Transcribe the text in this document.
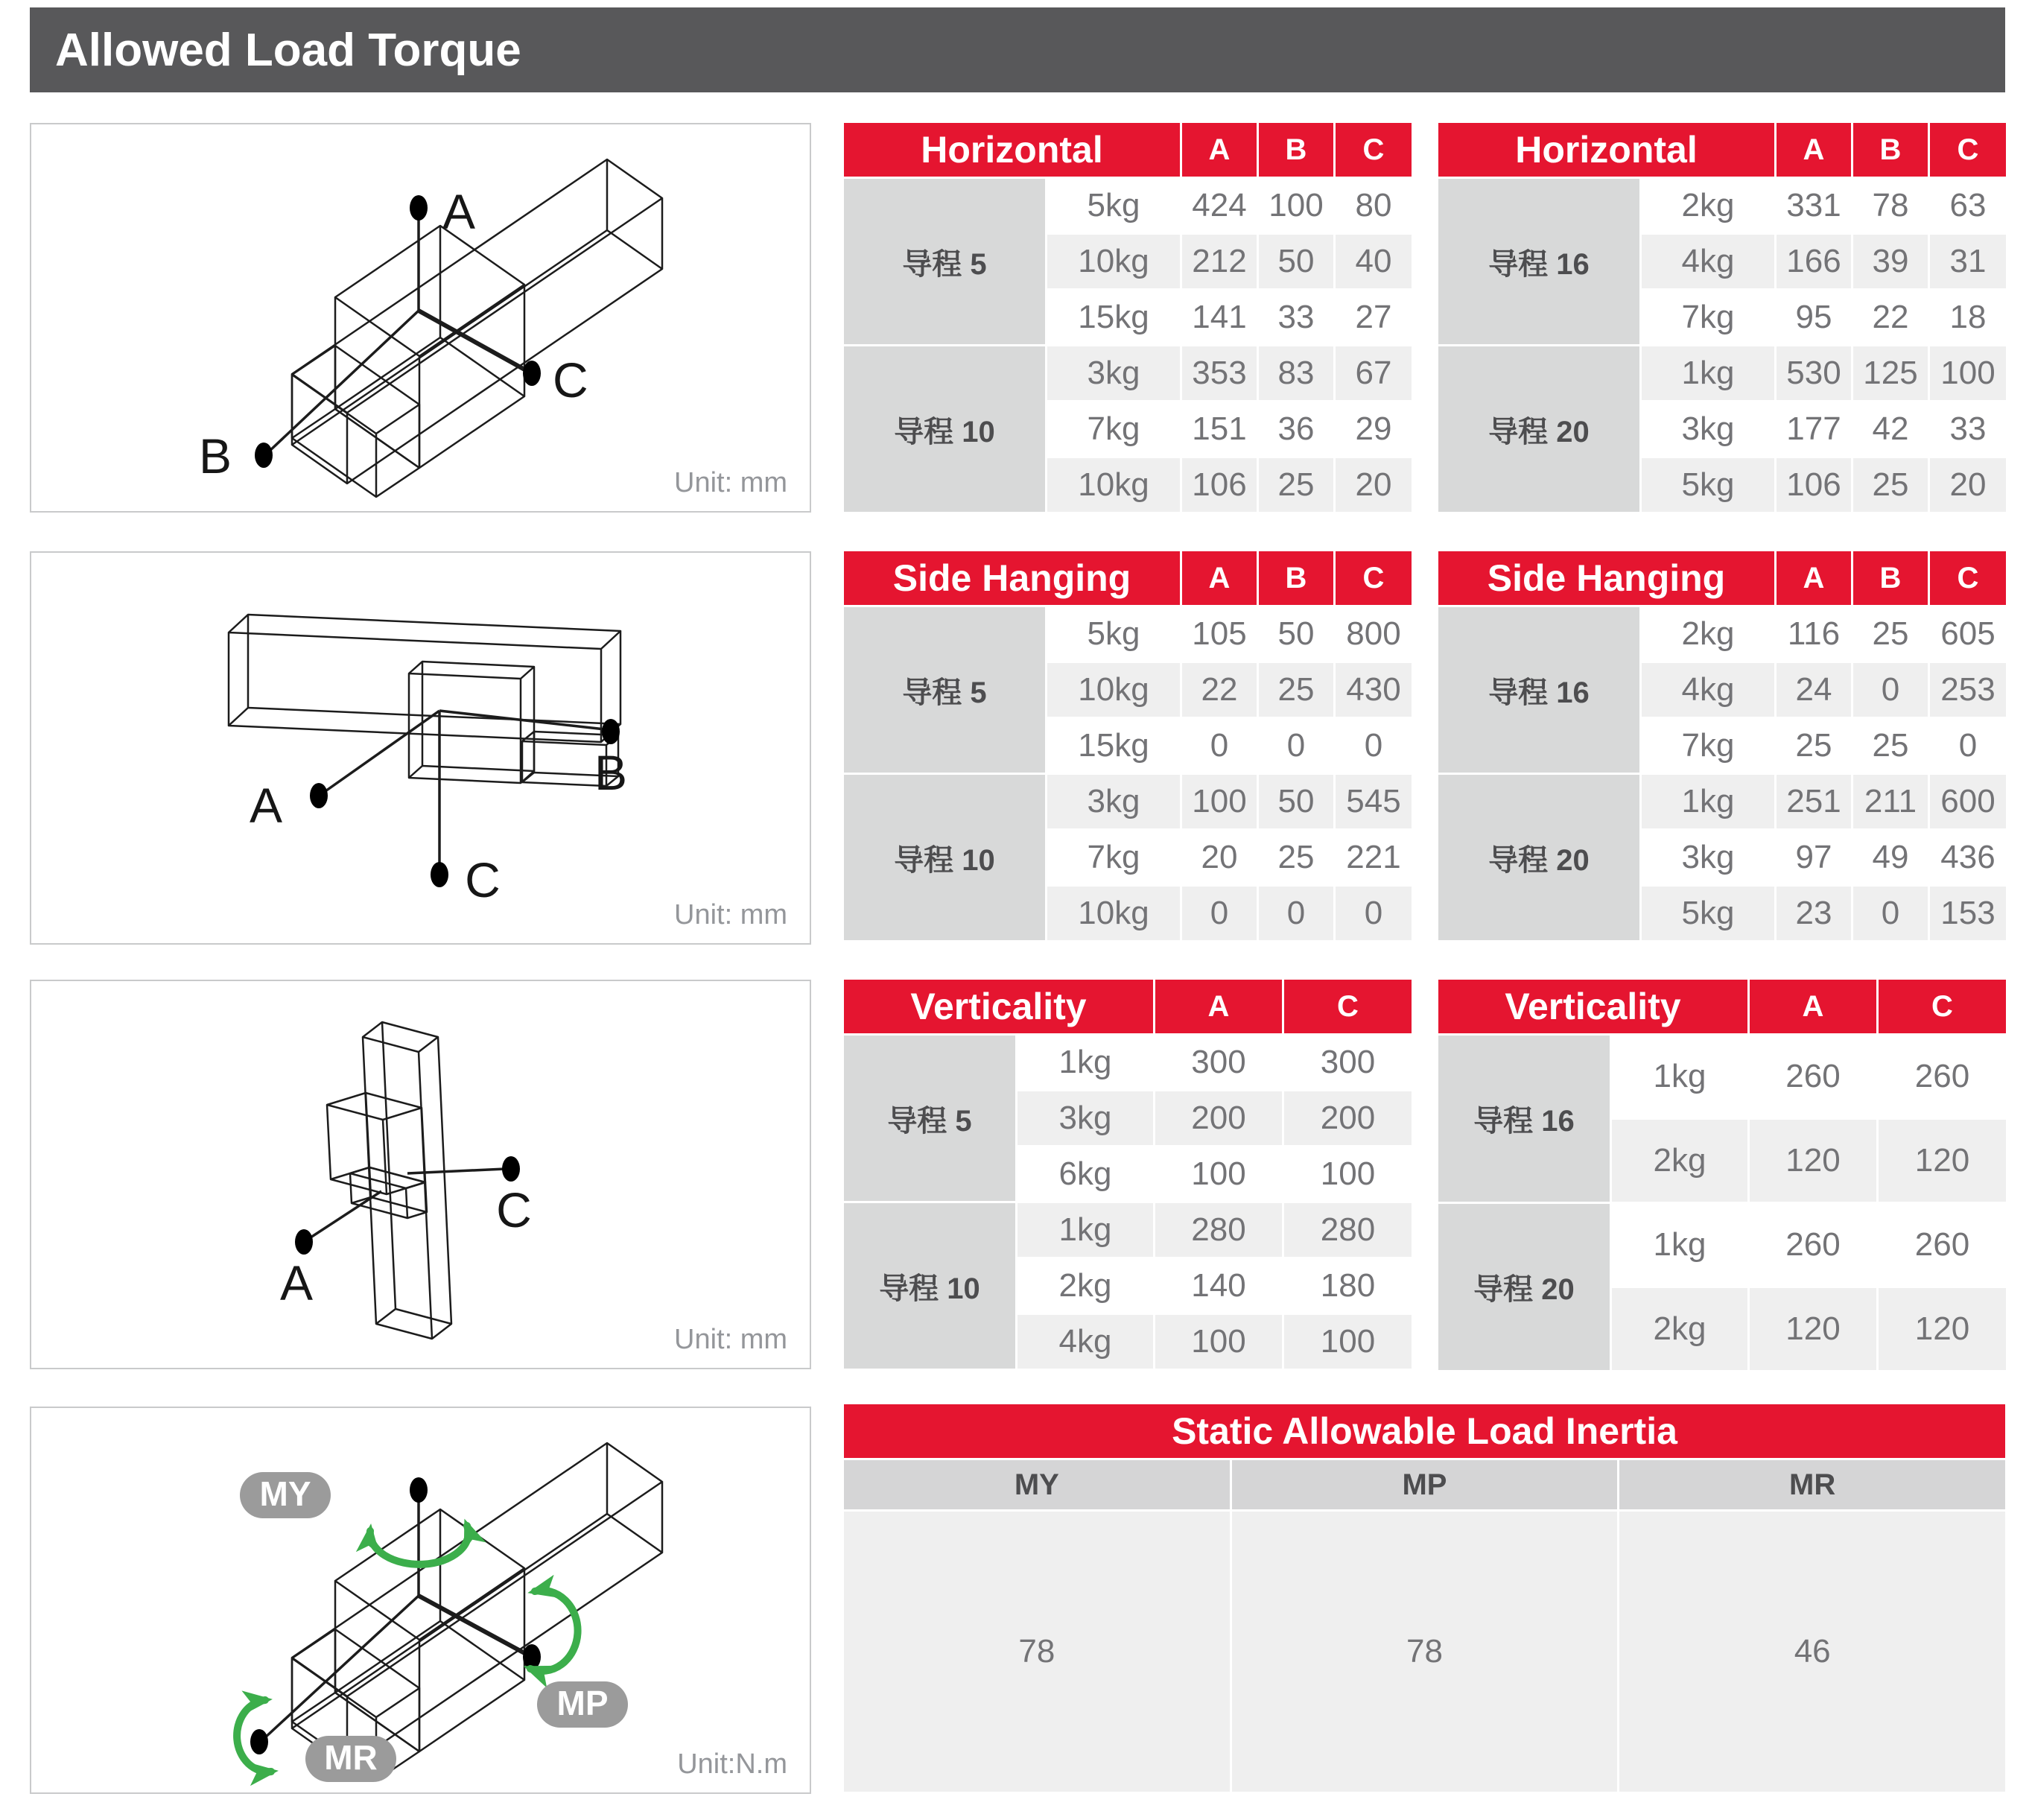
Allowed Load Torque
A
B
C
Unit: mm
A
B
C
Unit: mm
A
C
Unit: mm
MY
MP
MR	Unit:N.m
Horizontal	A	B	C
导程 5
5kg	424 100 80
10kg	212 50	40
15kg	141 33	27
导程 10
3kg	353 83	67
7kg	151 36	29
10kg	106 25	20
Horizontal	A	B	C
导程 16
2kg	331 78	63
4kg	166 39	31
7kg	95	22	18
导程 20
1kg	530 125 100
3kg	177 42	33
5kg	106 25	20
Side Hanging	A	B	C
导程 5
5kg	105 50 800
10kg	22	25 430
15kg	0	0	0
导程 10
3kg	100 50 545
7kg	20	25 221
10kg	0	0	0
Side Hanging	A	B	C
导程 16
2kg	116 25 605
4kg	24	0	253
7kg	25	25	0
导程 20
1kg	251 211 600
3kg	97	49 436
5kg	23	0	153
Verticality	A	C
导程 5
1kg	300	300
3kg	200	200
6kg	100	100
导程 10
1kg	280	280
2kg	140	180
4kg	100	100
Verticality	A	C
导程 16
1kg	260	260
2kg	120	120
导程 20
1kg	260	260
2kg	120	120
Static Allowable Load Inertia
MY	MP	MR
78	78	46
